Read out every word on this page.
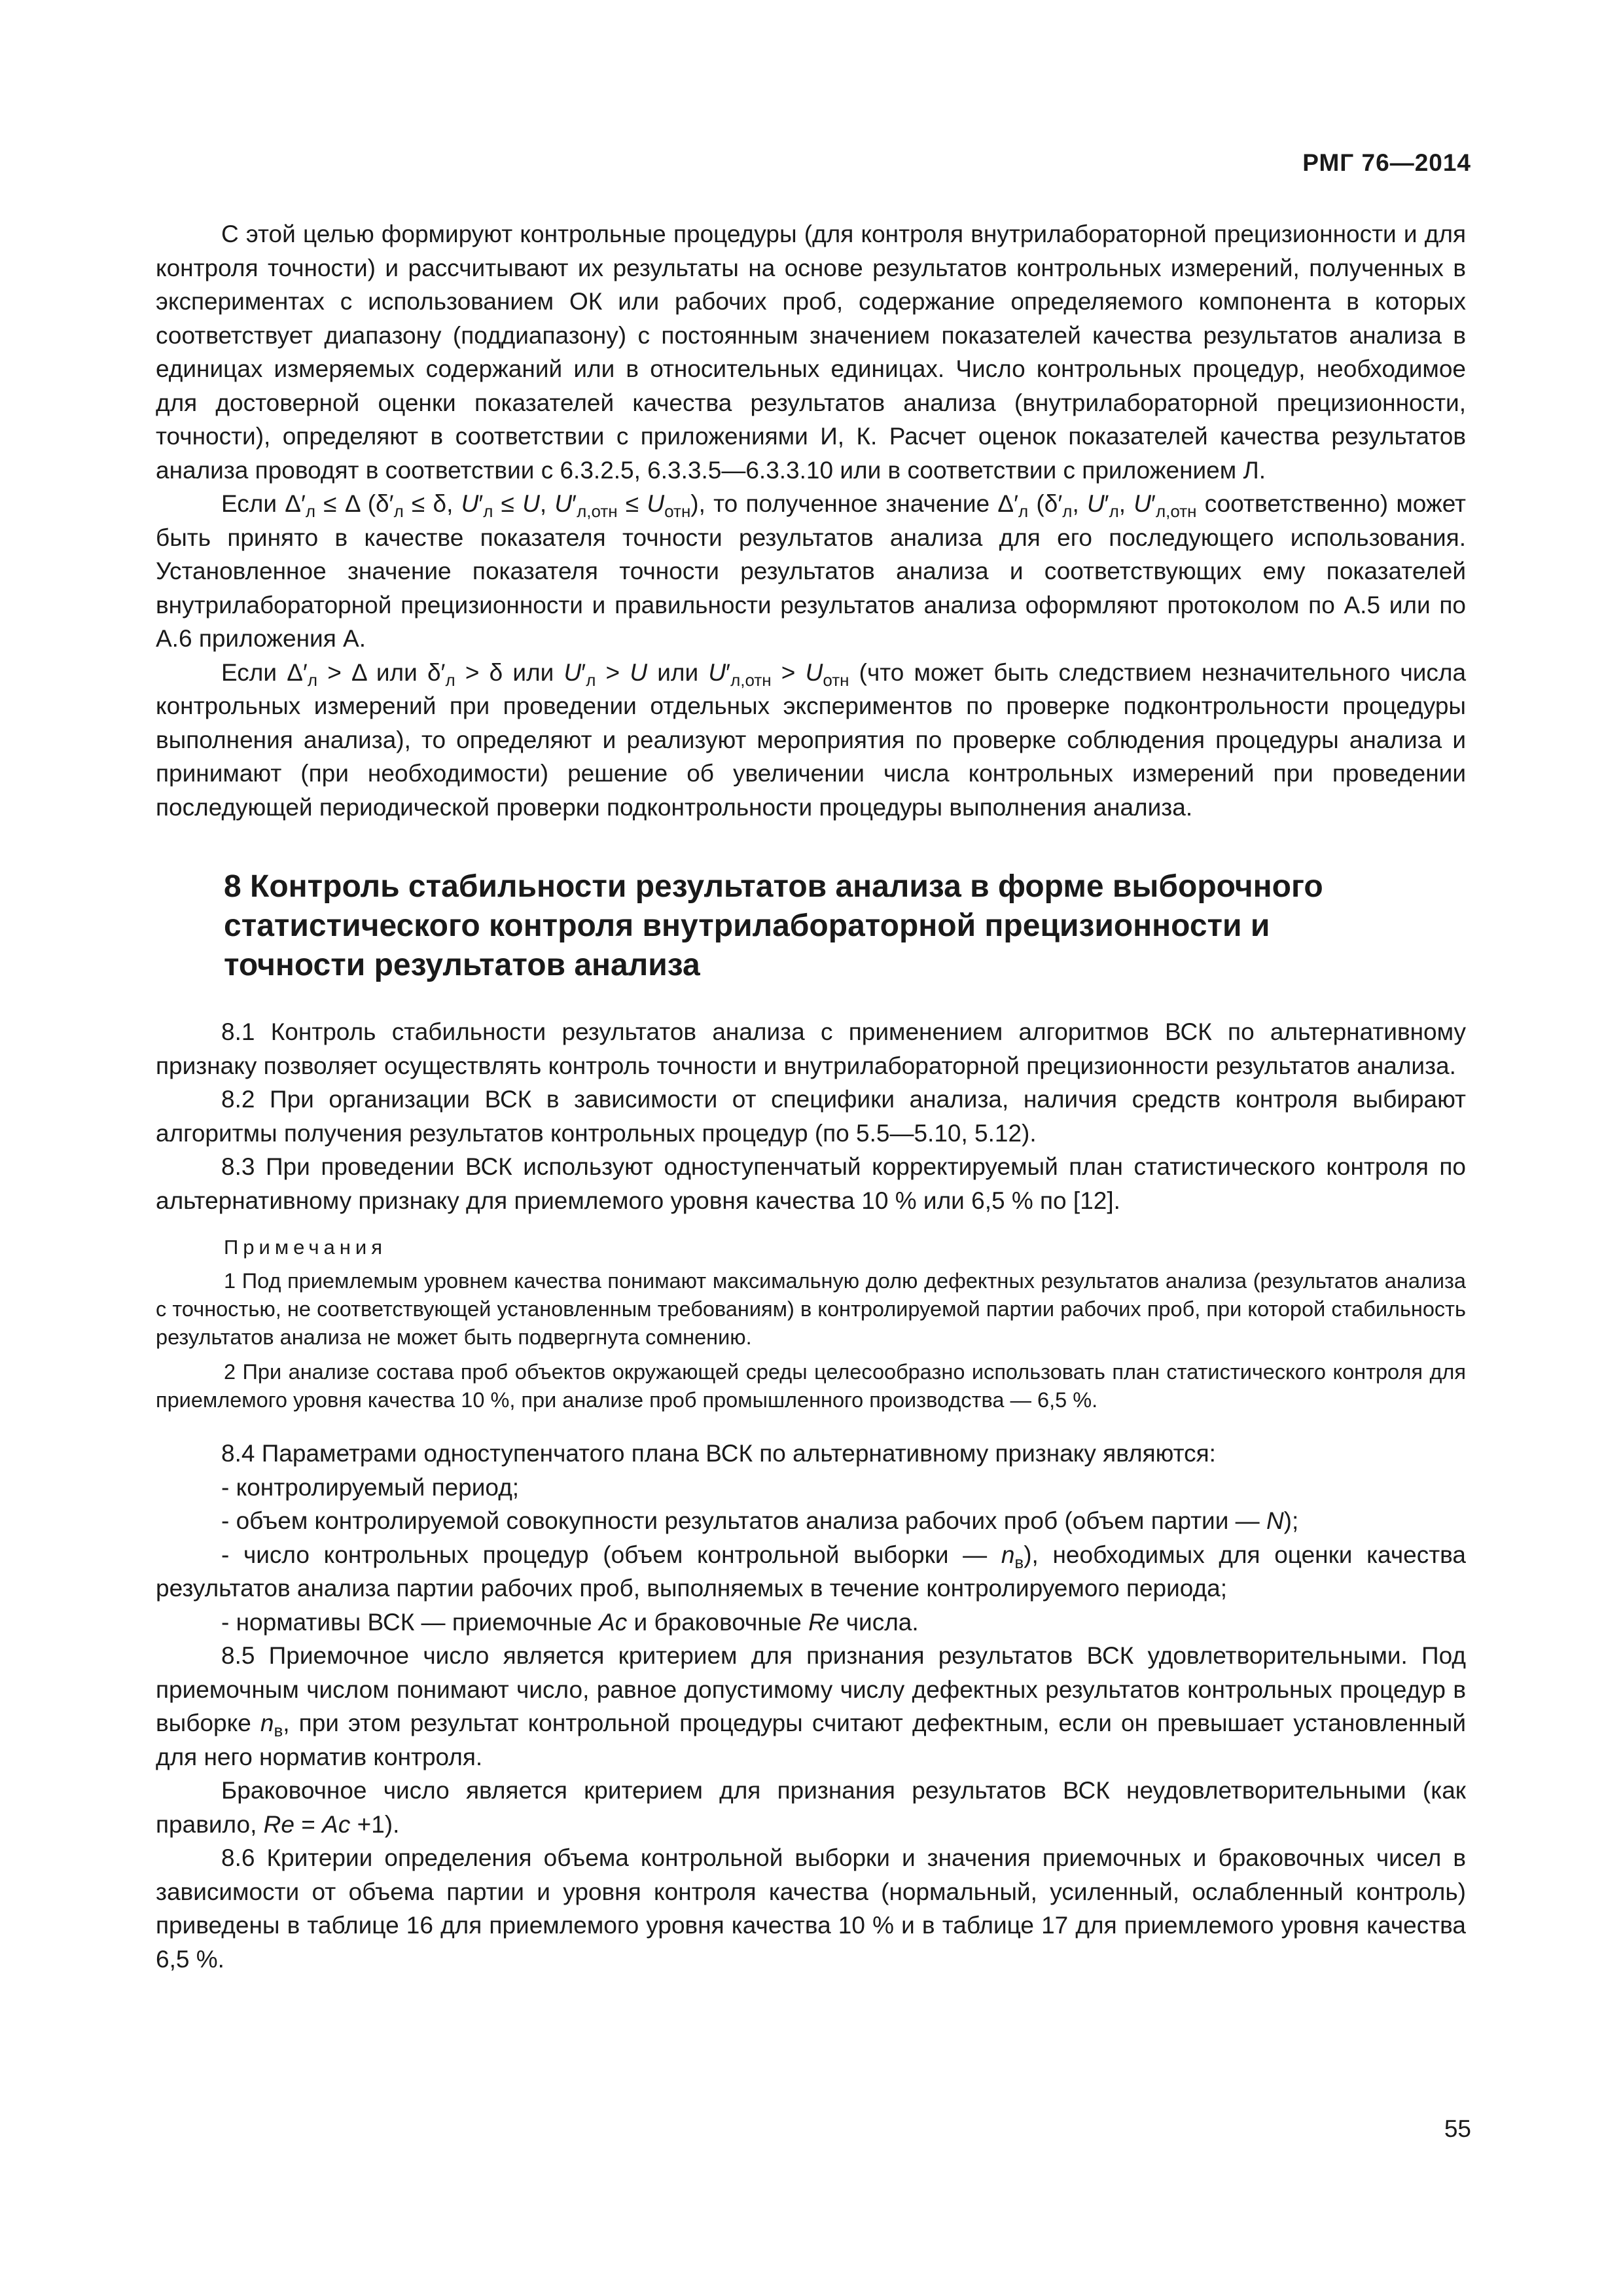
РМГ 76—2014

С этой целью формируют контрольные процедуры (для контроля внутрилабораторной прецизионности и для контроля точности) и рассчитывают их результаты на основе результатов контрольных измерений, полученных в экспериментах с использованием ОК или рабочих проб, содержание определяемого компонента в которых соответствует диапазону (поддиапазону) с постоянным значением показателей качества результатов анализа в единицах измеряемых содержаний или в относительных единицах. Число контрольных процедур, необходимое для достоверной оценки показателей качества результатов анализа (внутрилабораторной прецизионности, точности), определяют в соответствии с приложениями И, К. Расчет оценок показателей качества результатов анализа проводят в соответствии с 6.3.2.5, 6.3.3.5—6.3.3.10 или в соответствии с приложением Л.

Если $\Delta'_л \le \Delta$ ($\delta'_л \le \delta$, $U'_л \le U$, $U'_{л,отн} \le U_{отн}$), то полученное значение $\Delta'_л$ ($\delta'_л$, $U'_л$, $U'_{л,отн}$ соответственно) может быть принято в качестве показателя точности результатов анализа для его последующего использования. Установленное значение показателя точности результатов анализа и соответствующих ему показателей внутрилабораторной прецизионности и правильности результатов анализа оформляют протоколом по А.5 или по А.6 приложения А.

Если $\Delta'_л > \Delta$ или $\delta'_л > \delta$ или $U'_л > U$ или $U'_{л,отн} > U_{отн}$ (что может быть следствием незначительного числа контрольных измерений при проведении отдельных экспериментов по проверке подконтрольности процедуры выполнения анализа), то определяют и реализуют мероприятия по проверке соблюдения процедуры анализа и принимают (при необходимости) решение об увеличении числа контрольных измерений при проведении последующей периодической проверки подконтрольности процедуры выполнения анализа.

8 Контроль стабильности результатов анализа в форме выборочного статистического контроля внутрилабораторной прецизионности и точности результатов анализа

8.1 Контроль стабильности результатов анализа с применением алгоритмов ВСК по альтернативному признаку позволяет осуществлять контроль точности и внутрилабораторной прецизионности результатов анализа.

8.2 При организации ВСК в зависимости от специфики анализа, наличия средств контроля выбирают алгоритмы получения результатов контрольных процедур (по 5.5—5.10, 5.12).

8.3 При проведении ВСК используют одноступенчатый корректируемый план статистического контроля по альтернативному признаку для приемлемого уровня качества 10 % или 6,5 % по [12].

Примечания

1 Под приемлемым уровнем качества понимают максимальную долю дефектных результатов анализа (результатов анализа с точностью, не соответствующей установленным требованиям) в контролируемой партии рабочих проб, при которой стабильность результатов анализа не может быть подвергнута сомнению.

2 При анализе состава проб объектов окружающей среды целесообразно использовать план статистического контроля для приемлемого уровня качества 10 %, при анализе проб промышленного производства — 6,5 %.

8.4 Параметрами одноступенчатого плана ВСК по альтернативному признаку являются:

- контролируемый период;

- объем контролируемой совокупности результатов анализа рабочих проб (объем партии — N);

- число контрольных процедур (объем контрольной выборки — $n_в$), необходимых для оценки качества результатов анализа партии рабочих проб, выполняемых в течение контролируемого периода;

- нормативы ВСК — приемочные Ac и браковочные Re числа.

8.5 Приемочное число является критерием для признания результатов ВСК удовлетворительными. Под приемочным числом понимают число, равное допустимому числу дефектных результатов контрольных процедур в выборке $n_в$, при этом результат контрольной процедуры считают дефектным, если он превышает установленный для него норматив контроля.

Браковочное число является критерием для признания результатов ВСК неудовлетворительными (как правило, Re = Ac +1).

8.6 Критерии определения объема контрольной выборки и значения приемочных и браковочных чисел в зависимости от объема партии и уровня контроля качества (нормальный, усиленный, ослабленный контроль) приведены в таблице 16 для приемлемого уровня качества 10 % и в таблице 17 для приемлемого уровня качества 6,5 %.

55
